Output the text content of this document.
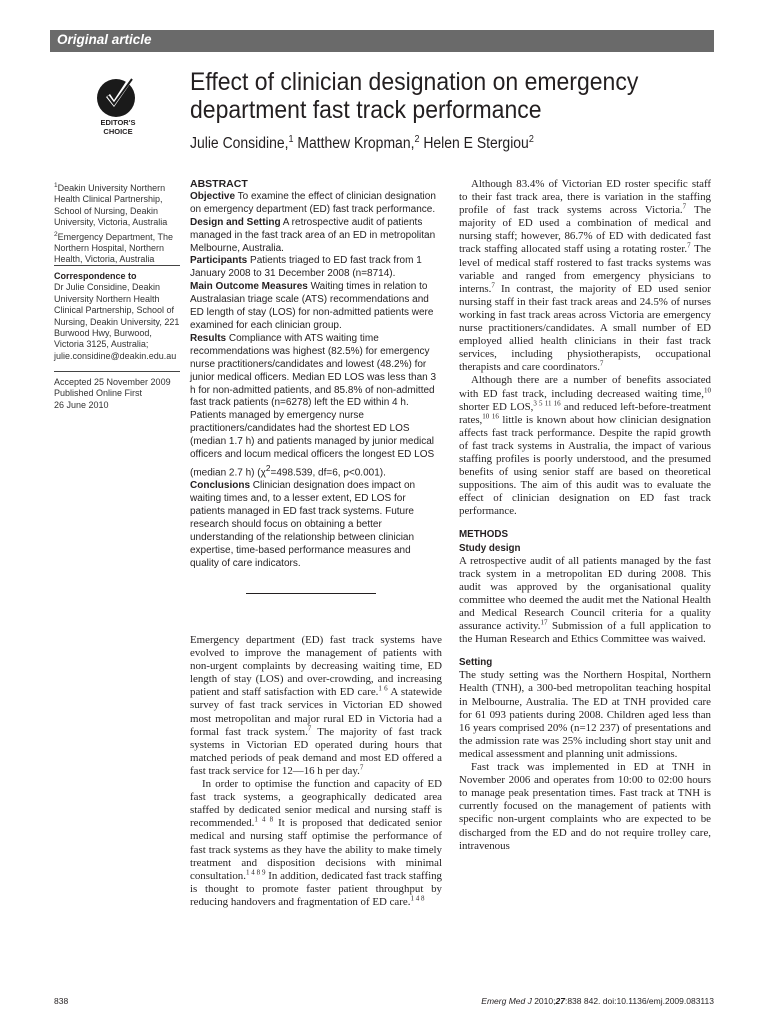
Original article
EDITOR'S
CHOICE
Effect of clinician designation on emergency department fast track performance
Julie Considine,$^1$ Matthew Kropman,$^2$ Helen E Stergiou$^2$
$^1$Deakin University Northern Health Clinical Partnership, School of Nursing, Deakin University, Victoria, Australia
$^2$Emergency Department, The Northern Hospital, Northern Health, Victoria, Australia
Correspondence to
Dr Julie Considine, Deakin University Northern Health Clinical Partnership, School of Nursing, Deakin University, 221 Burwood Hwy, Burwood, Victoria 3125, Australia; julie.considine@deakin.edu.au
Accepted 25 November 2009
Published Online First
26 June 2010

ABSTRACT

Objective To examine the effect of clinician designation on emergency department (ED) fast track performance.

Design and Setting A retrospective audit of patients managed in the fast track area of an ED in metropolitan Melbourne, Australia.

Participants Patients triaged to ED fast track from 1 January 2008 to 31 December 2008 (n=8714).

Main Outcome Measures Waiting times in relation to Australasian triage scale (ATS) recommendations and ED length of stay (LOS) for non-admitted patients were examined for each clinician group.

Results Compliance with ATS waiting time recommendations was highest (82.5%) for emergency nurse practitioners/candidates and lowest (48.2%) for junior medical officers. Median ED LOS was less than 3 h for non-admitted patients, and 85.8% of non-admitted fast track patients (n=6278) left the ED within 4 h. Patients managed by emergency nurse practitioners/candidates had the shortest ED LOS (median 1.7 h) and patients managed by junior medical officers and locum medical officers the longest ED LOS (median 2.7 h) ($\chi^2=498.539$, df=6, p<0.001).

Conclusions Clinician designation does impact on waiting times and, to a lesser extent, ED LOS for patients managed in ED fast track systems. Future research should focus on obtaining a better understanding of the relationship between clinician expertise, time-based performance measures and quality of care indicators.

Emergency department (ED) fast track systems have evolved to improve the management of patients with non-urgent complaints by decreasing waiting time, ED length of stay (LOS) and over-crowding, and increasing patient and staff satisfaction with ED care.$^{1 6}$ A statewide survey of fast track services in Victorian ED showed most metropolitan and major rural ED in Victoria had a formal fast track system.$^7$ The majority of fast track systems in Victorian ED operated during hours that matched periods of peak demand and most ED offered a fast track service for 12—16 h per day.$^7$

In order to optimise the function and capacity of ED fast track systems, a geographically dedicated area staffed by dedicated senior medical and nursing staff is recommended.$^{1 4 8}$ It is proposed that dedicated senior medical and nursing staff optimise the performance of fast track systems as they have the ability to make timely treatment and disposition decisions with minimal consultation.$^{1 4 8 9}$ In addition, dedicated fast track staffing is thought to promote faster patient throughput by reducing handovers and fragmentation of ED care.$^{1 4 8}$

Although 83.4% of Victorian ED roster specific staff to their fast track area, there is variation in the staffing profile of fast track systems across Victoria.$^7$ The majority of ED used a combination of medical and nursing staff; however, 86.7% of ED with dedicated fast track staffing allocated staff using a rotating roster.$^7$ The level of medical staff rostered to fast tracks systems was variable and ranged from emergency physicians to interns.$^7$ In contrast, the majority of ED used senior nursing staff in their fast track areas and 24.5% of nurses working in fast track areas across Victoria are emergency nurse practitioners/candidates. A small number of ED employed allied health clinicians in their fast track services, including physiotherapists, occupational therapists and care coordinators.$^7$

Although there are a number of benefits associated with ED fast track, including decreased waiting time,$^{10}$ shorter ED LOS,$^{3 5 11 16}$ and reduced left-before-treatment rates,$^{10 16}$ little is known about how clinician designation affects fast track performance. Despite the rapid growth of fast track systems in Australia, the impact of various staffing profiles is poorly understood, and the presumed benefits of using senior staff are based on theoretical suppositions. The aim of this audit was to evaluate the effect of clinician designation on ED fast track performance.

METHODS

Study design

A retrospective audit of all patients managed by the fast track system in a metropolitan ED during 2008. This audit was approved by the organisational quality committee who deemed the audit met the National Health and Medical Research Council criteria for a quality assurance activity.$^{17}$ Submission of a full application to the Human Research and Ethics Committee was waived.

Setting

The study setting was the Northern Hospital, Northern Health (TNH), a 300-bed metropolitan teaching hospital in Melbourne, Australia. The ED at TNH provided care for 61 093 patients during 2008. Children aged less than 16 years comprised 20% (n=12 237) of presentations and the admission rate was 25% including short stay unit and medical assessment and planning unit admissions.

Fast track was implemented in ED at TNH in November 2006 and operates from 10:00 to 02:00 hours to manage peak presentation times. Fast track at TNH is currently focused on the management of patients with specific non-urgent complaints who are expected to be discharged from the ED and do not require trolley care, intravenous

838	Emerg Med J 2010;27:838 842. doi:10.1136/emj.2009.083113
